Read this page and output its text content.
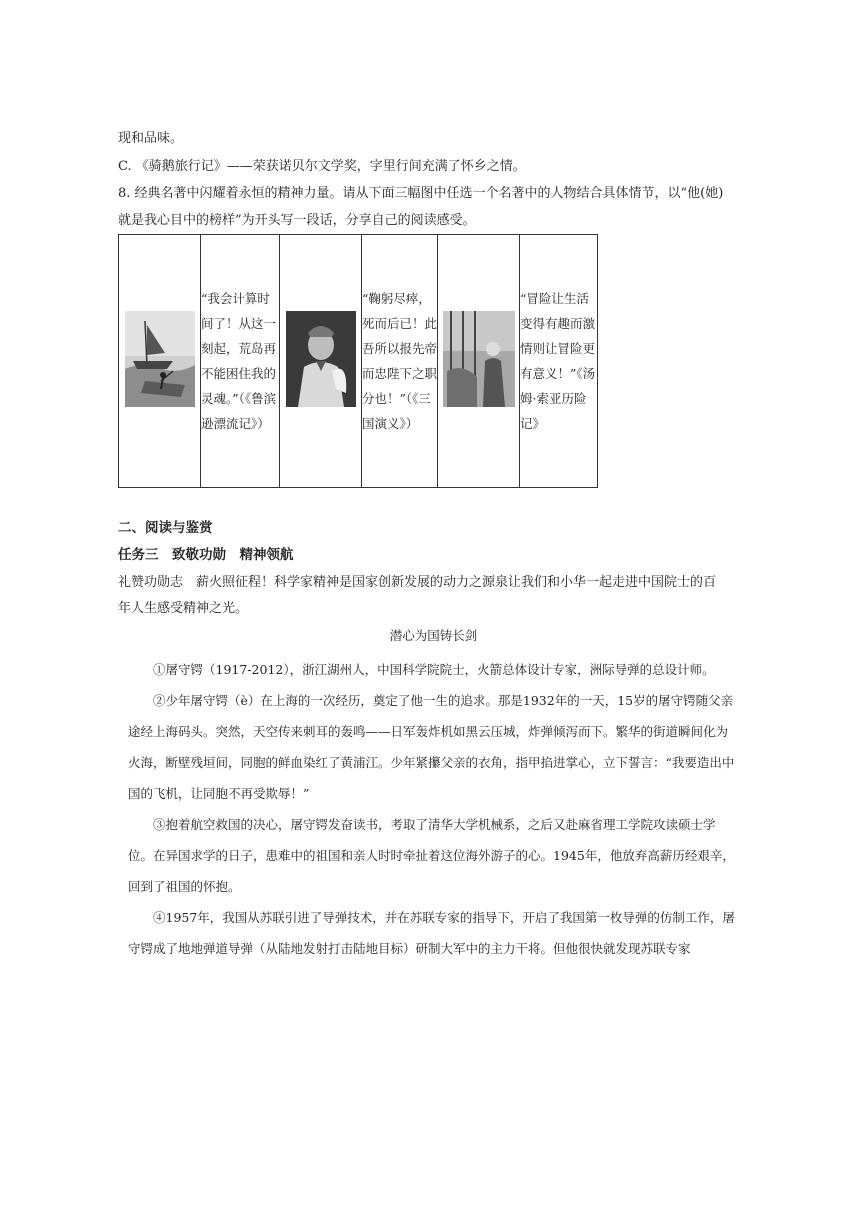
现和品味。
C. 《骑鹅旅行记》——荣获诺贝尔文学奖，字里行间充满了怀乡之情。
8. 经典名著中闪耀着永恒的精神力量。请从下面三幅图中任选一个名著中的人物结合具体情节，以“他(她)
就是我心目中的榜样”为开头写一段话，分享自己的阅读感受。

“我会计算时间了！从这一刻起，荒岛再不能困住我的灵魂。”（《鲁滨逊漂流记》）

“鞠躬尽瘁，死而后已！此吾所以报先帝而忠陛下之职分也！”（《三国演义》）

“冒险让生活变得有趣而激情则让冒险更有意义！”《汤姆·索亚历险记》
二、阅读与鉴赏
任务三　致敬功勋　精神领航
礼赞功勋志　薪火照征程！科学家精神是国家创新发展的动力之源泉让我们和小华一起走进中国院士的百
年人生感受精神之光。
潜心为国铸长剑

①屠守锷（1917-2012），浙江湖州人，中国科学院院士，火箭总体设计专家，洲际导弹的总设计师。

②少年屠守锷（è）在上海的一次经历，奠定了他一生的追求。那是1932年的一天，15岁的屠守锷随父亲途经上海码头。突然，天空传来刺耳的轰鸣——日军轰炸机如黑云压城，炸弹倾泻而下。繁华的街道瞬间化为火海，断壁残垣间，同胞的鲜血染红了黄浦江。少年紧攥父亲的衣角，指甲掐进掌心，立下誓言：“我要造出中国的飞机，让同胞不再受欺辱！”

③抱着航空救国的决心，屠守锷发奋读书，考取了清华大学机械系，之后又赴麻省理工学院攻读硕士学位。在异国求学的日子，患难中的祖国和亲人时时牵扯着这位海外游子的心。1945年，他放弃高薪历经艰辛，回到了祖国的怀抱。

④1957年，我国从苏联引进了导弹技术，并在苏联专家的指导下，开启了我国第一枚导弹的仿制工作，屠守锷成了地地弹道导弹（从陆地发射打击陆地目标）研制大军中的主力干将。但他很快就发现苏联专家
